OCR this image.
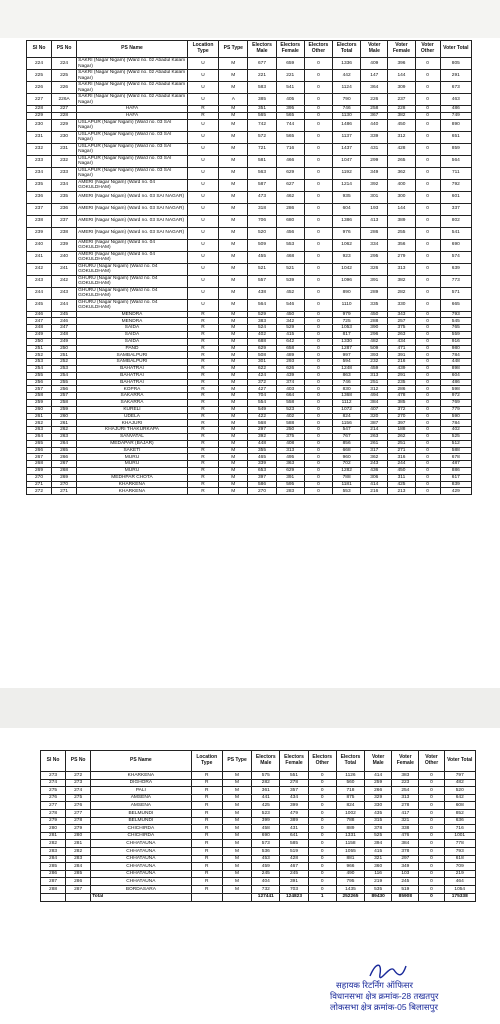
Sl No	PS No	PS Name	Location Type	PS Type	Electors Male	Electors Female	Electors Other	Electors Total	Voter Male	Voter Female	Voter Other	Voter Total
224	224	SAKRI (Nagar Nigam) (Ward no. 02 Abadul Kalam Nagar)	U	M	677	659	0	1336	409	396	0	805
225	225	SAKRI (Nagar Nigam) (Ward no. 02 Abadul Kalam Nagar)	U	M	221	221	0	442	147	144	0	291
226	226	SAKRI (Nagar Nigam) (Ward no. 02 Abadul Kalam Nagar)	U	M	583	541	0	1124	364	309	0	673
227	226A	SAKRI (Nagar Nigam) (Ward no. 02 Abadul Kalam Nagar)	U	A	385	405	0	790	226	237	0	463
228	227	HAFA	R	M	351	395	0	746	258	228	0	486
229	228	HAFA	R	M	565	565	0	1130	367	382	0	749
230	229	USLAPUR (Nagar Nigam) (Ward no. 03 SAI Nagar)	U	M	742	744	0	1486	440	450	0	890
231	230	USLAPUR (Nagar Nigam) (Ward no. 03 SAI Nagar)	U	M	572	565	0	1137	339	312	0	651
232	231	USLAPUR (Nagar Nigam) (Ward no. 03 SAI Nagar)	U	M	721	716	0	1437	431	428	0	859
233	232	USLAPUR (Nagar Nigam) (Ward no. 03 SAI Nagar)	U	M	581	466	0	1047	299	265	0	564
234	233	USLAPUR (Nagar Nigam) (Ward no. 03 SAI Nagar)	U	M	563	629	0	1192	349	362	0	711
235	234	AMERI (Nagar Nigam) (Ward no. 04 GOKULDHAM)	U	M	587	627	0	1214	392	400	0	792
236	235	AMERI (Nagar Nigam) (Ward no. 03 SAI NAGAR)	U	M	473	462	0	935	301	300	0	601
237	236	AMERI (Nagar Nigam) (Ward no. 03 SAI NAGAR)	U	M	318	286	0	604	193	144	0	337
238	237	AMERI (Nagar Nigam) (Ward no. 03 SAI NAGAR)	U	M	706	680	0	1386	413	389	0	802
239	238	AMERI (Nagar Nigam) (Ward no. 03 SAI NAGAR)	U	M	520	456	0	976	286	255	0	541
240	239	AMERI (Nagar Nigam) (Ward no. 04 GOKULDHAM)	U	M	509	553	0	1062	334	356	0	690
241	240	AMERI (Nagar Nigam) (Ward no. 04 GOKULDHAM)	U	M	455	468	0	923	295	279	0	574
242	241	GHURU (Nagar Nigam) (Ward no. 04 GOKULDHAM)	U	M	521	521	0	1042	326	313	0	639
243	242	GHURU (Nagar Nigam) (Ward no. 04 GOKULDHAM)	U	M	557	539	0	1096	391	382	0	773
244	243	GHURU (Nagar Nigam) (Ward no. 04 GOKULDHAM)	U	M	438	452	0	890	289	282	0	571
245	244	GHURU (Nagar Nigam) (Ward no. 04 GOKULDHAM)	U	M	564	546	0	1110	335	330	0	665
246	245	MENDRA	R	M	529	450	0	979	450	343	0	793
247	246	MENDRA	R	M	383	342	0	725	288	257	0	545
248	247	SAIDA	R	M	524	529	0	1053	390	375	0	765
249	248	SAIDA	R	M	402	415	0	817	296	263	0	559
250	249	SAIDA	R	M	688	642	0	1330	482	434	0	916
251	250	PAND	R	M	629	658	0	1287	509	471	0	980
252	251	SAMBALPURI	R	M	508	489	0	997	393	391	0	784
253	252	SAMBALPURI	R	M	301	293	0	594	232	216	0	448
254	253	BAHATRAI	R	M	622	626	0	1248	459	439	0	898
255	254	BAHATRAI	R	M	424	439	0	863	313	291	0	604
256	255	BAHATRAI	R	M	372	374	0	746	251	235	0	486
257	256	KOPRA	R	M	427	403	0	830	312	286	0	598
258	257	SAKARRA	R	M	704	664	0	1368	494	478	0	972
259	258	SAKARRA	R	M	554	558	0	1112	384	385	0	769
260	259	KURELI	R	M	549	523	0	1072	407	372	0	779
261	260	UDELA	R	M	422	402	0	824	320	270	0	590
262	261	KHAJURI	R	M	568	588	0	1156	387	397	0	784
263	262	KHAJURI THAKURKAPA	R	M	297	250	0	547	214	188	0	402
264	263	SANVATAL	R	M	392	375	0	767	263	262	0	525
265	264	MEDAPAR (BAJAR)	R	M	448	408	0	856	261	251	0	512
266	265	SAKETI	R	M	355	313	0	668	317	271	0	588
267	266	MURU	R	M	465	495	0	960	362	316	0	678
268	267	MURU	R	M	339	363	0	702	243	244	0	487
269	268	MURU	R	M	653	629	0	1282	436	450	0	886
270	269	MEDHPAR CHOTA	R	M	397	391	0	788	306	311	0	617
271	270	KHARKENA	R	M	586	595	0	1181	414	425	0	839
272	271	KHARKENA	R	M	270	283	0	553	216	213	0	429
Sl No	PS No	PS Name	Location Type	PS Type	Electors Male	Electors Female	Electors Other	Electors Total	Voter Male	Voter Female	Voter Other	Voter Total
273	272	KHARKENA	R	M	575	551	0	1126	414	383	0	797
274	273	DIGHORA	R	M	282	278	0	560	259	223	0	482
275	274	PALI	R	M	361	357	0	718	266	254	0	520
276	275	AMSENA	R	M	441	434	0	875	329	313	0	642
277	276	AMSENA	R	M	425	399	0	824	330	278	0	608
278	277	BELMUNDI	R	M	523	479	0	1002	435	417	0	852
279	278	BELMUNDI	R	M	399	389	0	788	315	321	0	636
280	279	CHICHIRDA	R	M	458	431	0	889	378	338	0	716
281	280	CHICHIRDA	R	M	690	641	0	1331	525	476	0	1001
282	281	CHHATAUNA	R	M	573	585	0	1158	394	384	0	778
283	282	CHHATAUNA	R	M	536	519	0	1055	415	378	0	793
284	283	CHHATAUNA	R	M	453	428	0	881	321	297	0	618
285	284	CHHATAUNA	R	M	459	467	0	966	360	349	0	709
286	285	CHHATAUNA	R	M	245	245	0	490	116	103	0	219
287	286	CHHATAUNA	R	M	404	391	0	795	219	245	0	464
288	287	BORDASARA	R	M	732	703	0	1435	535	519	0	1054
		Total			127441	124823	1	252265	89430	85908	0	175338
सहायक रिटर्निंग ऑफिसर
विधानसभा क्षेत्र क्रमांक-28 तखतपुर
लोकसभा क्षेत्र क्रमांक-05 बिलासपुर
